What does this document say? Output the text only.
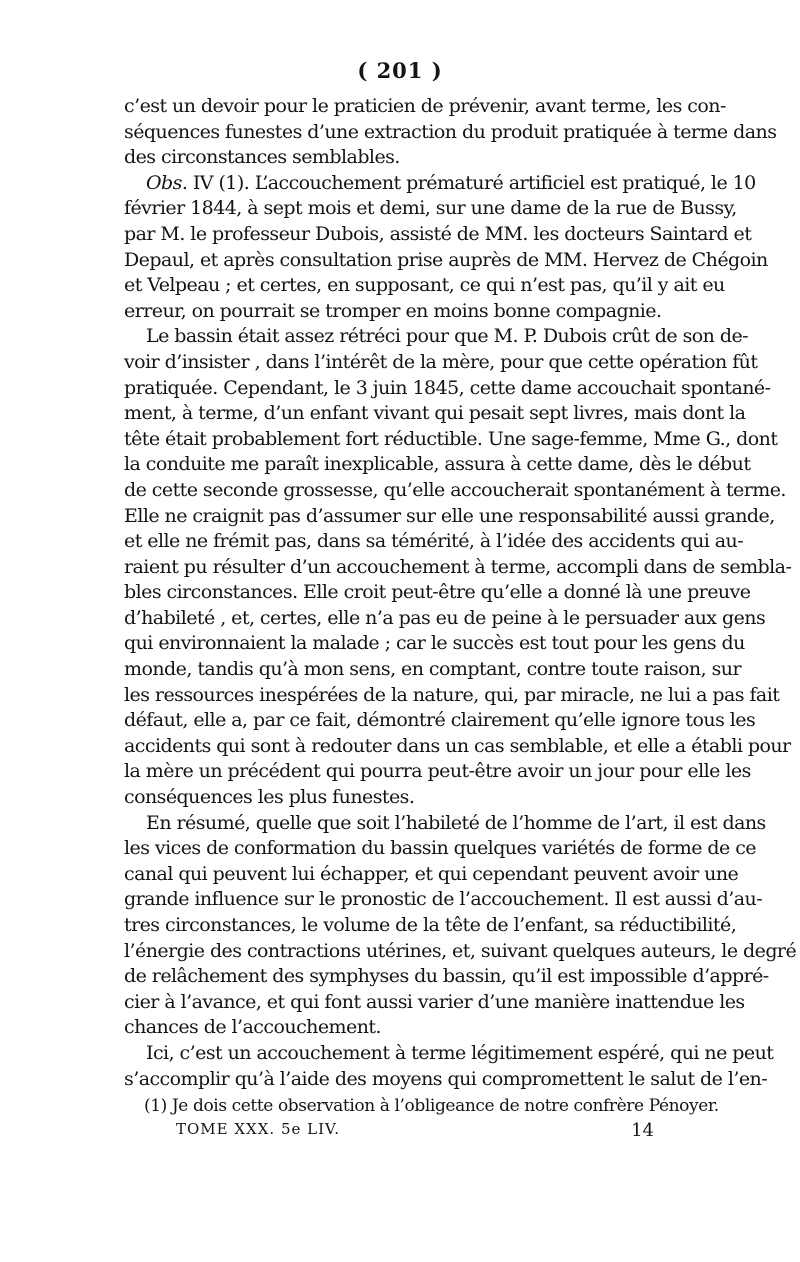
( 201 )
c’est un devoir pour le praticien de prévenir, avant terme, les con-
séquences funestes d’une extraction du produit pratiquée à terme dans
des circonstances semblables.
Obs. IV (1). L’accouchement prématuré artificiel est pratiqué, le 10
février 1844, à sept mois et demi, sur une dame de la rue de Bussy,
par M. le professeur Dubois, assisté de MM. les docteurs Saintard et
Depaul, et après consultation prise auprès de MM. Hervez de Chégoin
et Velpeau ; et certes, en supposant, ce qui n’est pas, qu’il y ait eu
erreur, on pourrait se tromper en moins bonne compagnie.
Le bassin était assez rétréci pour que M. P. Dubois crût de son de-
voir d’insister , dans l’intérêt de la mère, pour que cette opération fût
pratiquée. Cependant, le 3 juin 1845, cette dame accouchait spontané-
ment, à terme, d’un enfant vivant qui pesait sept livres, mais dont la
tête était probablement fort réductible. Une sage-femme, Mme G., dont
la conduite me paraît inexplicable, assura à cette dame, dès le début
de cette seconde grossesse, qu’elle accoucherait spontanément à terme.
Elle ne craignit pas d’assumer sur elle une responsabilité aussi grande,
et elle ne frémit pas, dans sa témérité, à l’idée des accidents qui au-
raient pu résulter d’un accouchement à terme, accompli dans de sembla-
bles circonstances. Elle croit peut-être qu’elle a donné là une preuve
d’habileté , et, certes, elle n’a pas eu de peine à le persuader aux gens
qui environnaient la malade ; car le succès est tout pour les gens du
monde, tandis qu’à mon sens, en comptant, contre toute raison, sur
les ressources inespérées de la nature, qui, par miracle, ne lui a pas fait
défaut, elle a, par ce fait, démontré clairement qu’elle ignore tous les
accidents qui sont à redouter dans un cas semblable, et elle a établi pour
la mère un précédent qui pourra peut-être avoir un jour pour elle les
conséquences les plus funestes.
En résumé, quelle que soit l’habileté de l’homme de l’art, il est dans
les vices de conformation du bassin quelques variétés de forme de ce
canal qui peuvent lui échapper, et qui cependant peuvent avoir une
grande influence sur le pronostic de l’accouchement. Il est aussi d’au-
tres circonstances, le volume de la tête de l’enfant, sa réductibilité,
l’énergie des contractions utérines, et, suivant quelques auteurs, le degré
de relâchement des symphyses du bassin, qu’il est impossible d’appré-
cier à l’avance, et qui font aussi varier d’une manière inattendue les
chances de l’accouchement.
Ici, c’est un accouchement à terme légitimement espéré, qui ne peut
s’accomplir qu’à l’aide des moyens qui compromettent le salut de l’en-
(1) Je dois cette observation à l’obligeance de notre confrère Pénoyer.
TOME XXX. 5e LIV.	14
